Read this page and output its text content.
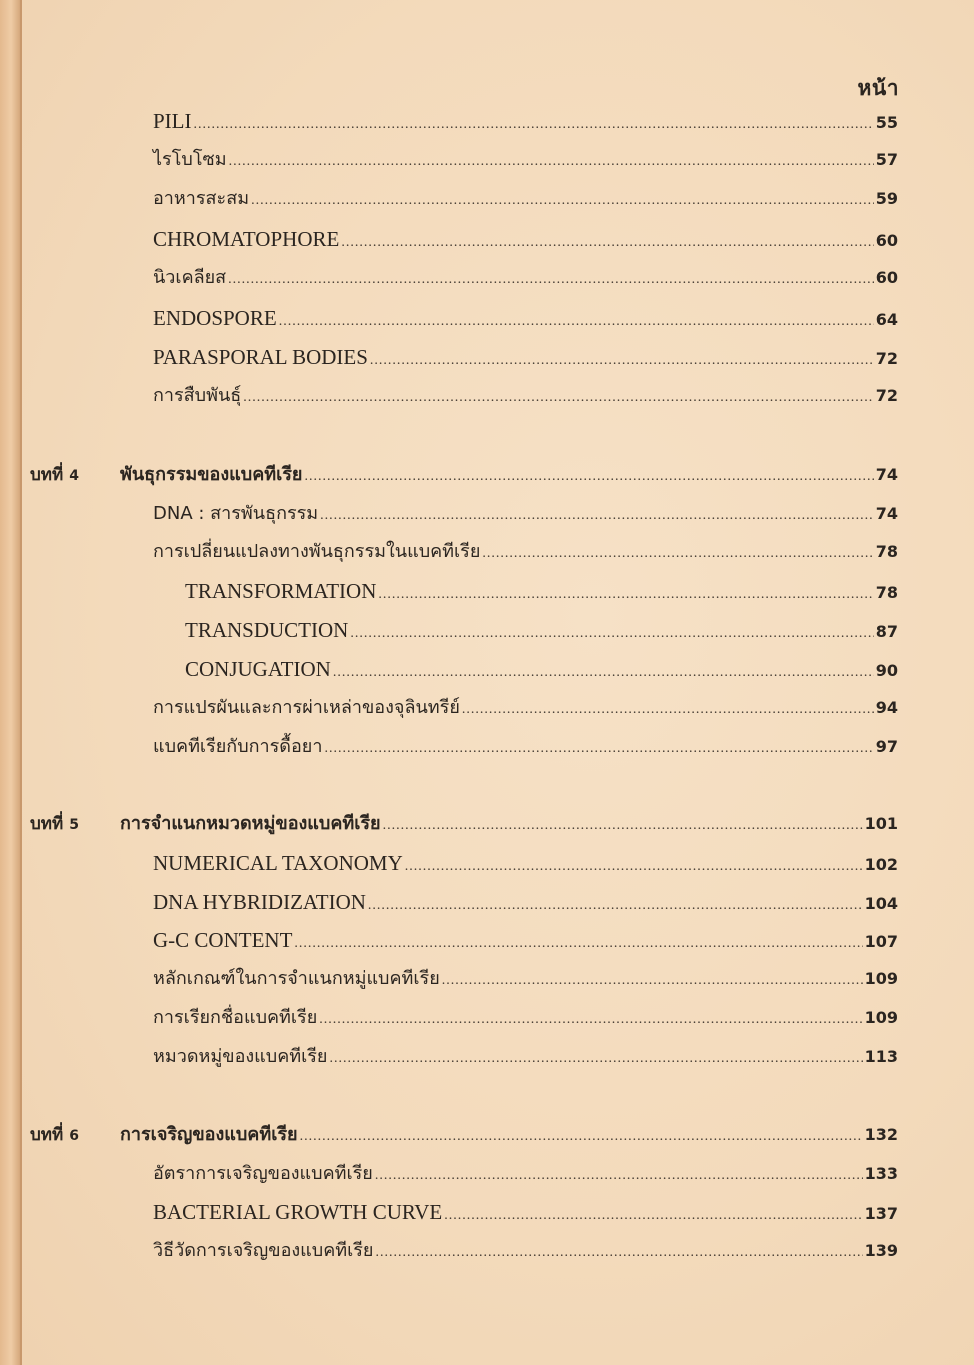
หน้า
PILI .....	55
ไรโบโซม .....	57
อาหารสะสม .....	59
CHROMATOPHORE .....	60
นิวเคลียส .....	60
ENDOSPORE .....	64
PARASPORAL BODIES .....	72
การสืบพันธุ์ .....	72
บทที่ 4 พันธุกรรมของแบคทีเรีย .....	74
DNA : สารพันธุกรรม .....	74
การเปลี่ยนแปลงทางพันธุกรรมในแบคทีเรีย .....	78
TRANSFORMATION .....	78
TRANSDUCTION .....	87
CONJUGATION .....	90
การแปรผันและการผ่าเหล่าของจุลินทรีย์ .....	94
แบคทีเรียกับการดื้อยา .....	97
บทที่ 5 การจำแนกหมวดหมู่ของแบคทีเรีย .....	101
NUMERICAL TAXONOMY .....	102
DNA HYBRIDIZATION .....	104
G-C CONTENT .....	107
หลักเกณฑ์ในการจำแนกหมู่แบคทีเรีย .....	109
การเรียกชื่อแบคทีเรีย .....	109
หมวดหมู่ของแบคทีเรีย .....	113
บทที่ 6 การเจริญของแบคทีเรีย .....	132
อัตราการเจริญของแบคทีเรีย .....	133
BACTERIAL GROWTH CURVE .....	137
วิธีวัดการเจริญของแบคทีเรีย .....	139
